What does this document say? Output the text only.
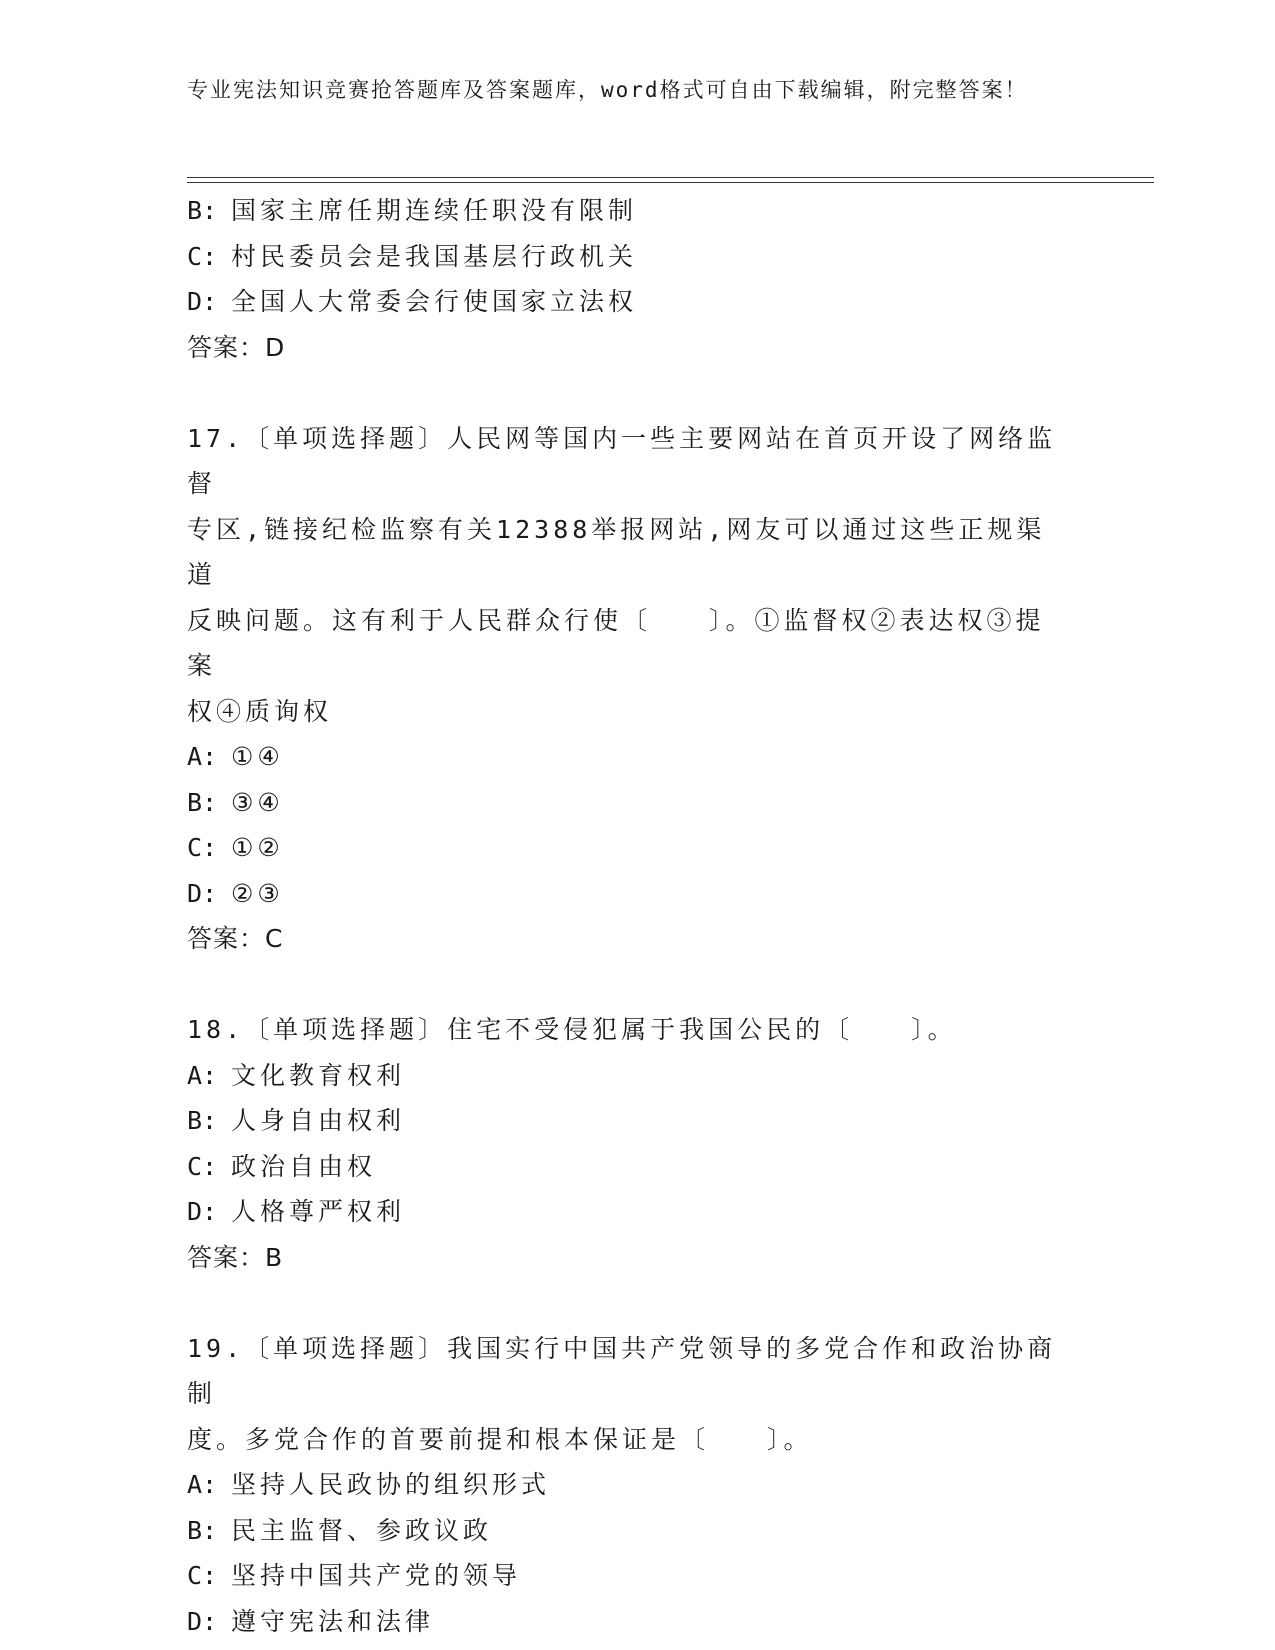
专业宪法知识竞赛抢答题库及答案题库，word格式可自由下载编辑，附完整答案！
B: 国家主席任期连续任职没有限制
C: 村民委员会是我国基层行政机关
D: 全国人大常委会行使国家立法权
答案：D
17.〔单项选择题〕人民网等国内一些主要网站在首页开设了网络监督
专区,链接纪检监察有关12388举报网站,网友可以通过这些正规渠道
反映问题。这有利于人民群众行使〔　　〕。①监督权②表达权③提案
权④质询权
A: ①④
B: ③④
C: ①②
D: ②③
答案：C
18.〔单项选择题〕住宅不受侵犯属于我国公民的〔　　〕。
A: 文化教育权利
B: 人身自由权利
C: 政治自由权
D: 人格尊严权利
答案：B
19.〔单项选择题〕我国实行中国共产党领导的多党合作和政治协商制
度。多党合作的首要前提和根本保证是〔　　〕。
A: 坚持人民政协的组织形式
B: 民主监督、参政议政
C: 坚持中国共产党的领导
D: 遵守宪法和法律
